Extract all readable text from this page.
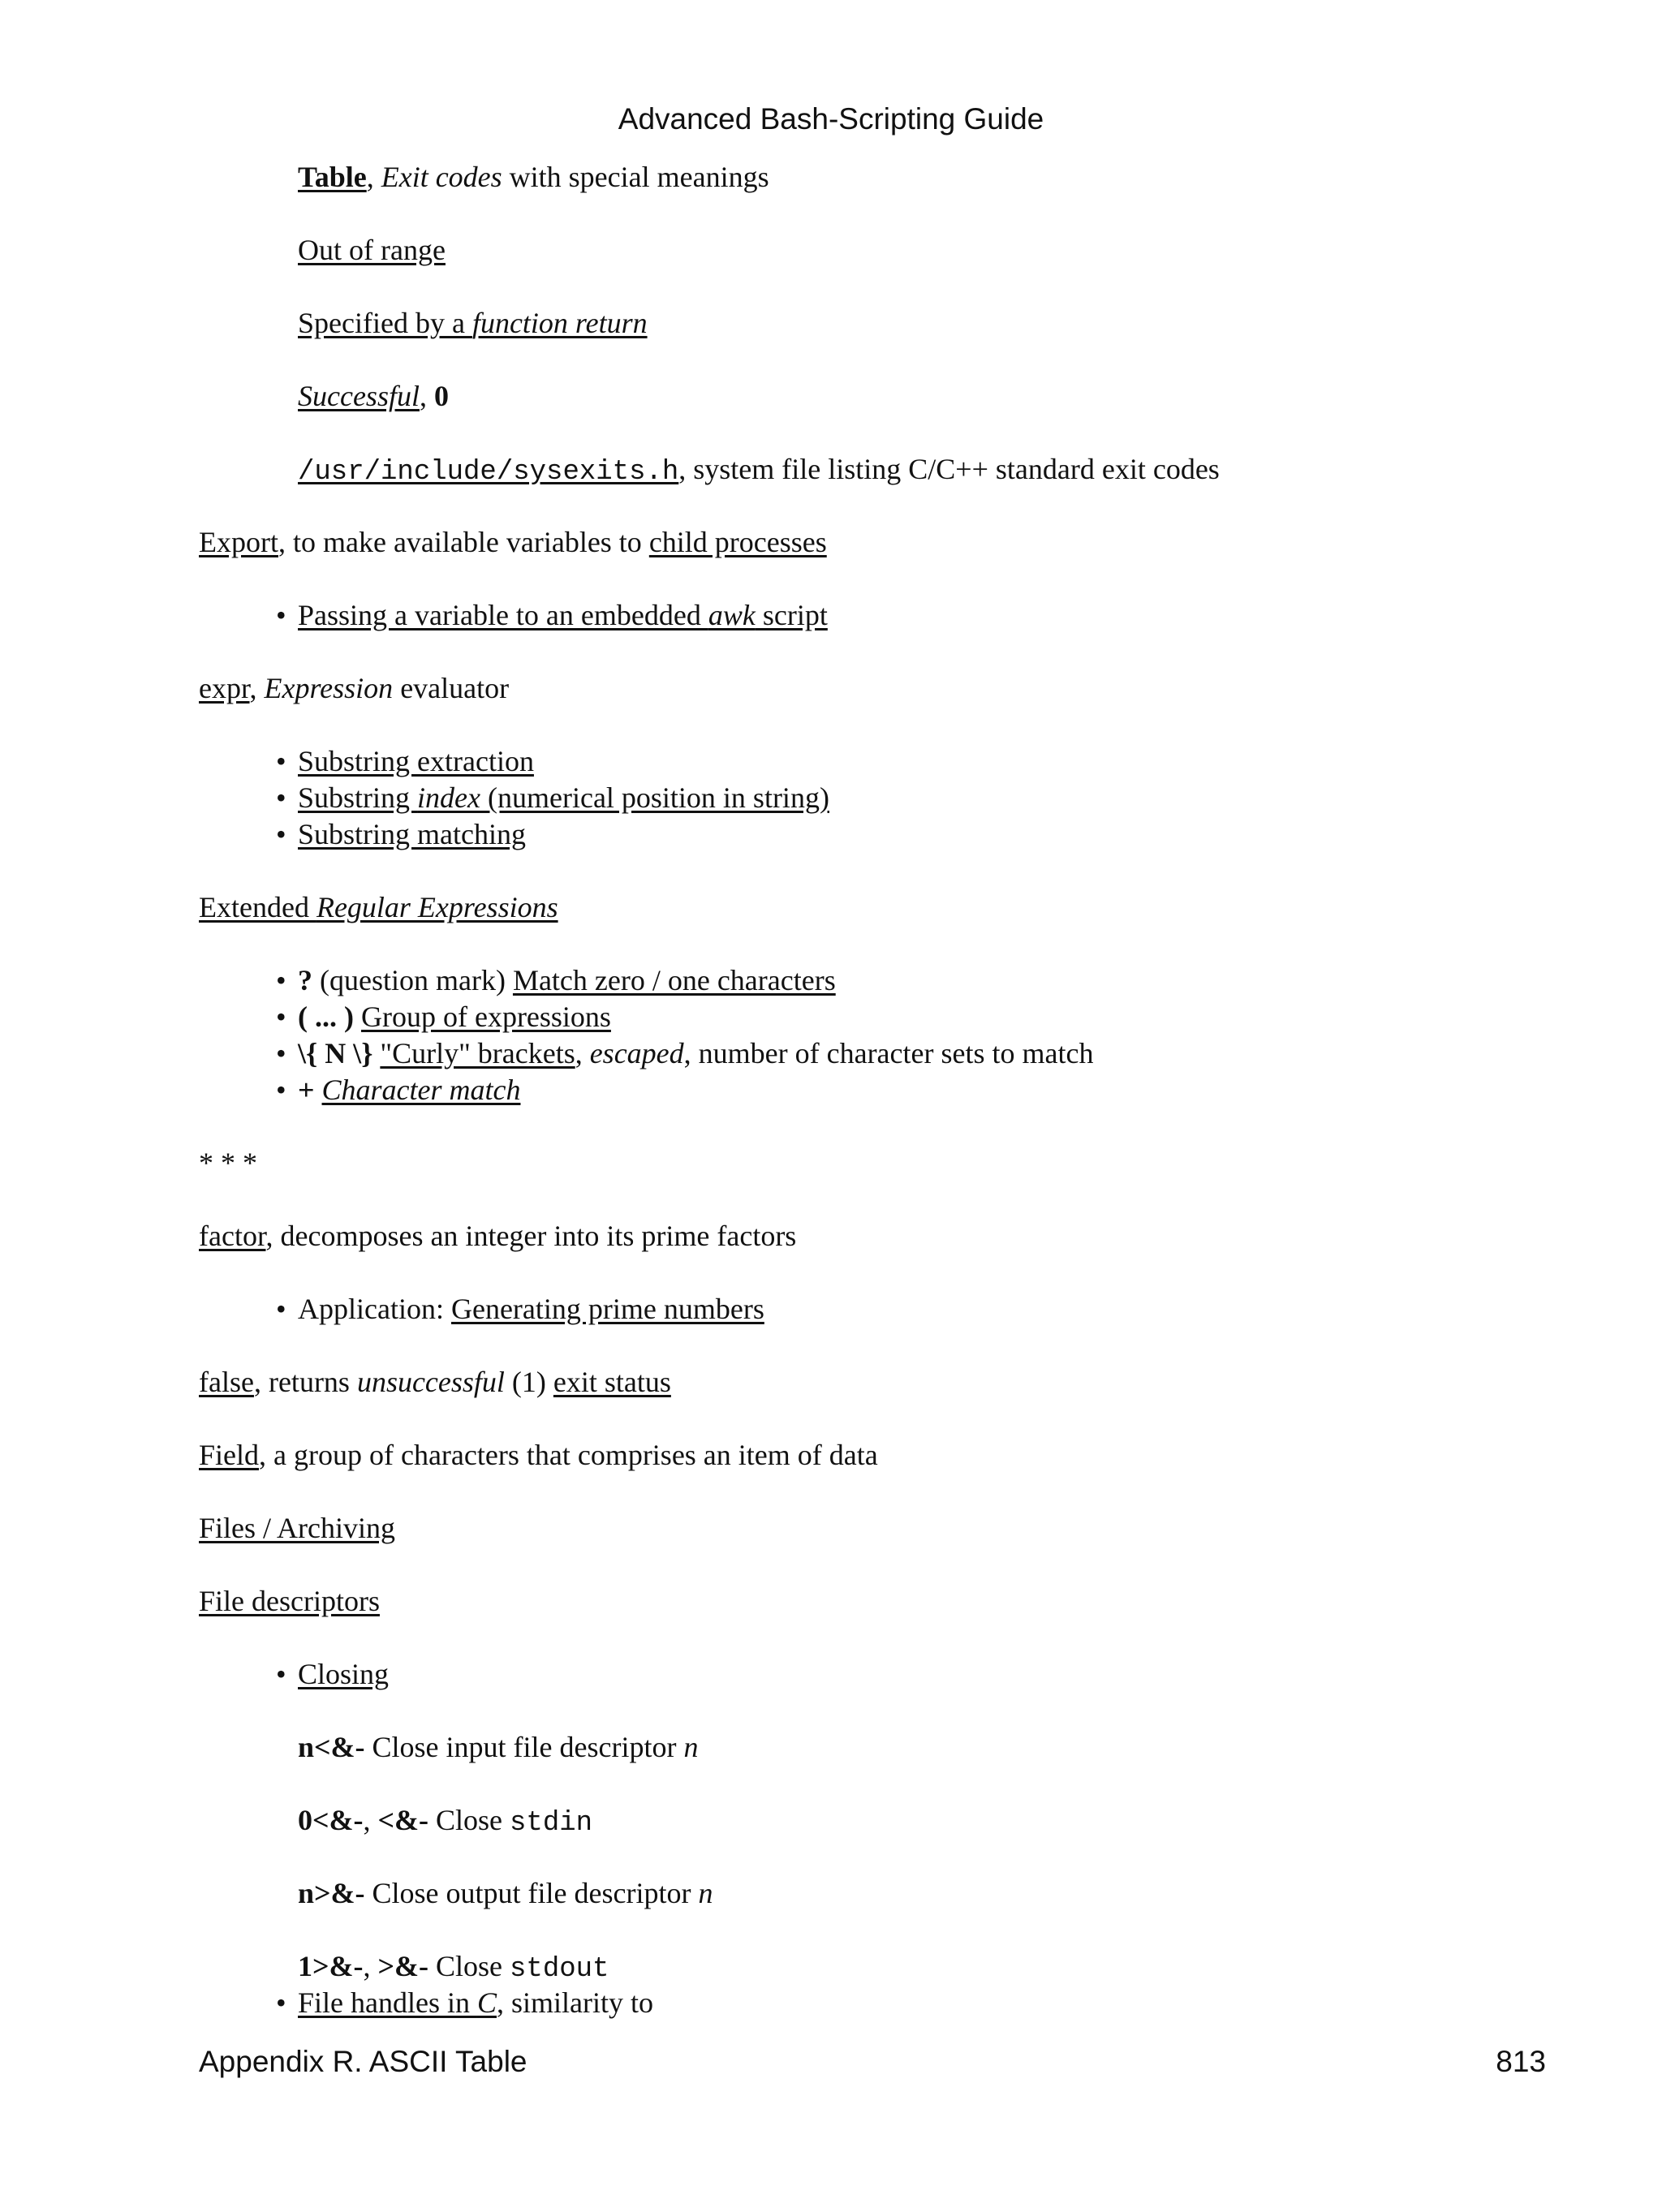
Advanced Bash-Scripting Guide
Table, Exit codes with special meanings
Out of range
Specified by a function return
Successful, 0
/usr/include/sysexits.h, system file listing C/C++ standard exit codes
Export, to make available variables to child processes
• Passing a variable to an embedded awk script
expr, Expression evaluator
• Substring extraction
• Substring index (numerical position in string)
• Substring matching
Extended Regular Expressions
• ? (question mark) Match zero / one characters
• ( ... ) Group of expressions
• \{ N \} "Curly" brackets, escaped, number of character sets to match
• + Character match
* * *
factor, decomposes an integer into its prime factors
• Application: Generating prime numbers
false, returns unsuccessful (1) exit status
Field, a group of characters that comprises an item of data
Files / Archiving
File descriptors
• Closing
n<&- Close input file descriptor n
0<&-, <&- Close stdin
n>&- Close output file descriptor n
1>&-, >&- Close stdout
• File handles in C, similarity to
Appendix R. ASCII Table	813
